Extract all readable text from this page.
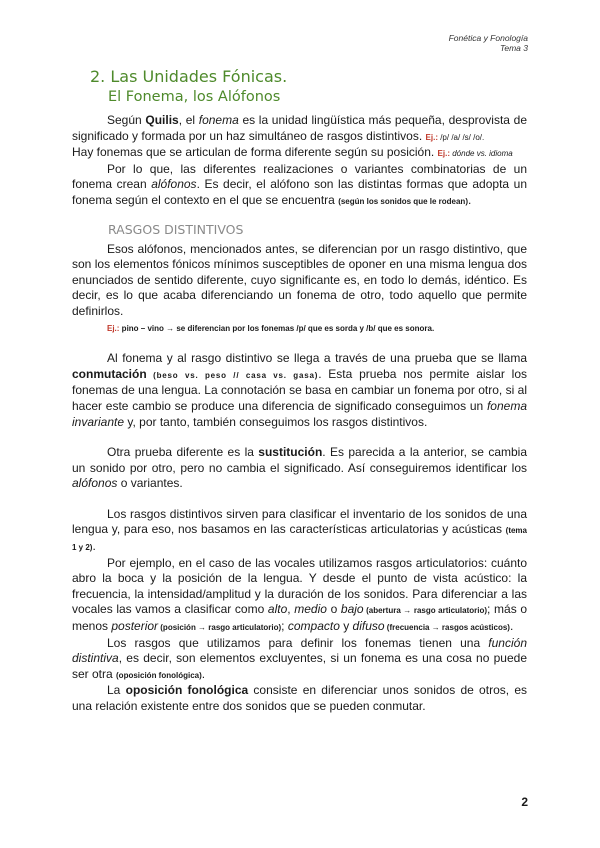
Fonética y Fonología
Tema 3
2. Las Unidades Fónicas.
El Fonema, los Alófonos

Según Quilis, el fonema es la unidad lingüística más pequeña, desprovista de significado y formada por un haz simultáneo de rasgos distintivos. Ej.: /p/ /a/ /s/ /o/.

Hay fonemas que se articulan de forma diferente según su posición. Ej.: dónde vs. idioma

Por lo que, las diferentes realizaciones o variantes combinatorias de un fonema crean alófonos. Es decir, el alófono son las distintas formas que adopta un fonema según el contexto en el que se encuentra (según los sonidos que le rodean).

RASGOS DISTINTIVOS

Esos alófonos, mencionados antes, se diferencian por un rasgo distintivo, que son los elementos fónicos mínimos susceptibles de oponer en una misma lengua dos enunciados de sentido diferente, cuyo significante es, en todo lo demás, idéntico. Es decir, es lo que acaba diferenciando un fonema de otro, todo aquello que permite definirlos.

Ej.: pino – vino → se diferencian por los fonemas /p/ que es sorda y /b/ que es sonora.

Al fonema y al rasgo distintivo se llega a través de una prueba que se llama conmutación (beso vs. peso // casa vs. gasa). Esta prueba nos permite aislar los fonemas de una lengua. La connotación se basa en cambiar un fonema por otro, si al hacer este cambio se produce una diferencia de significado conseguimos un fonema invariante y, por tanto, también conseguimos los rasgos distintivos.

Otra prueba diferente es la sustitución. Es parecida a la anterior, se cambia un sonido por otro, pero no cambia el significado. Así conseguiremos identificar los alófonos o variantes.

Los rasgos distintivos sirven para clasificar el inventario de los sonidos de una lengua y, para eso, nos basamos en las características articulatorias y acústicas (tema 1 y 2).

Por ejemplo, en el caso de las vocales utilizamos rasgos articulatorios: cuánto abro la boca y la posición de la lengua. Y desde el punto de vista acústico: la frecuencia, la intensidad/amplitud y la duración de los sonidos. Para diferenciar a las vocales las vamos a clasificar como alto, medio o bajo (abertura → rasgo articulatorio); más o menos posterior (posición → rasgo articulatorio); compacto y difuso (frecuencia → rasgos acústicos).

Los rasgos que utilizamos para definir los fonemas tienen una función distintiva, es decir, son elementos excluyentes, si un fonema es una cosa no puede ser otra (oposición fonológica).

La oposición fonológica consiste en diferenciar unos sonidos de otros, es una relación existente entre dos sonidos que se pueden conmutar.

2
